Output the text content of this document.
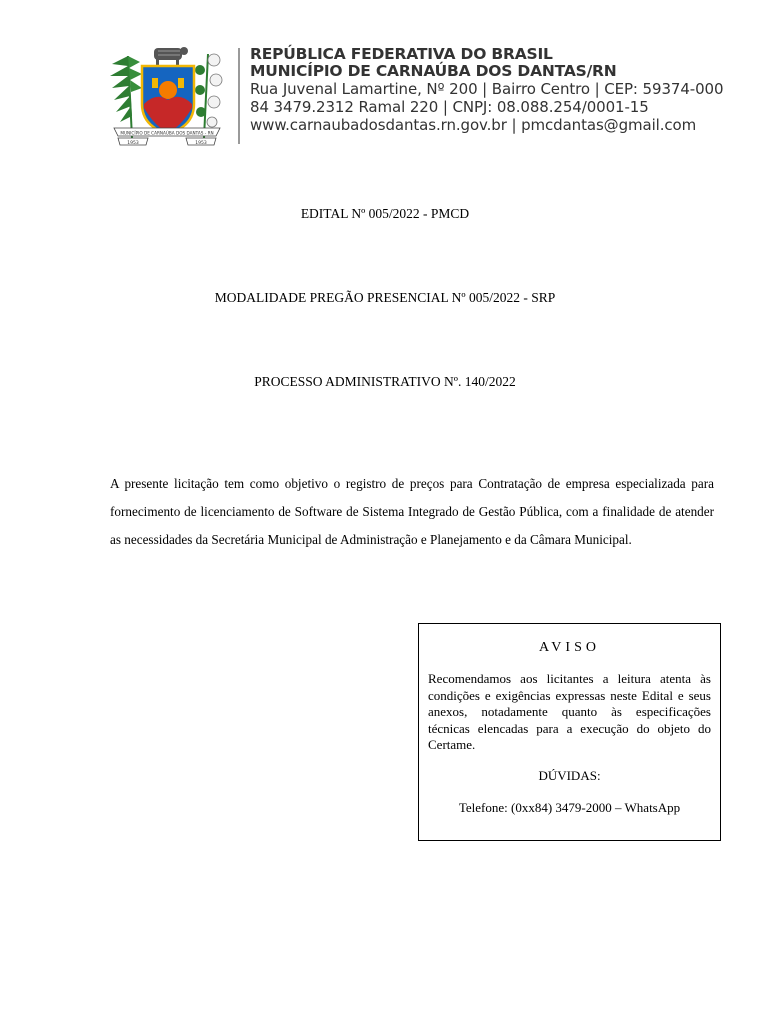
MUNICÍPIO DE CARNAÚBA DOS DANTAS - RN
1953	1953
REPÚBLICA FEDERATIVA DO BRASIL
MUNICÍPIO DE CARNAÚBA DOS DANTAS/RN
Rua Juvenal Lamartine, Nº 200 | Bairro Centro | CEP: 59374-000
84 3479.2312 Ramal 220 | CNPJ: 08.088.254/0001-15
www.carnaubadosdantas.rn.gov.br | pmcdantas@gmail.com
EDITAL Nº 005/2022 - PMCD
MODALIDADE PREGÃO PRESENCIAL Nº 005/2022 - SRP
PROCESSO ADMINISTRATIVO Nº. 140/2022
A presente licitação tem como objetivo o registro de preços para Contratação de empresa especializada para fornecimento de licenciamento de Software de Sistema Integrado de Gestão Pública, com a finalidade de atender as necessidades da Secretária Municipal de Administração e Planejamento e da Câmara Municipal.
AVISO
Recomendamos aos licitantes a leitura atenta às condições e exigências expressas neste Edital e seus anexos, notadamente quanto às especificações técnicas elencadas para a execução do objeto do Certame.
DÚVIDAS:
Telefone: (0xx84) 3479-2000 – WhatsApp
